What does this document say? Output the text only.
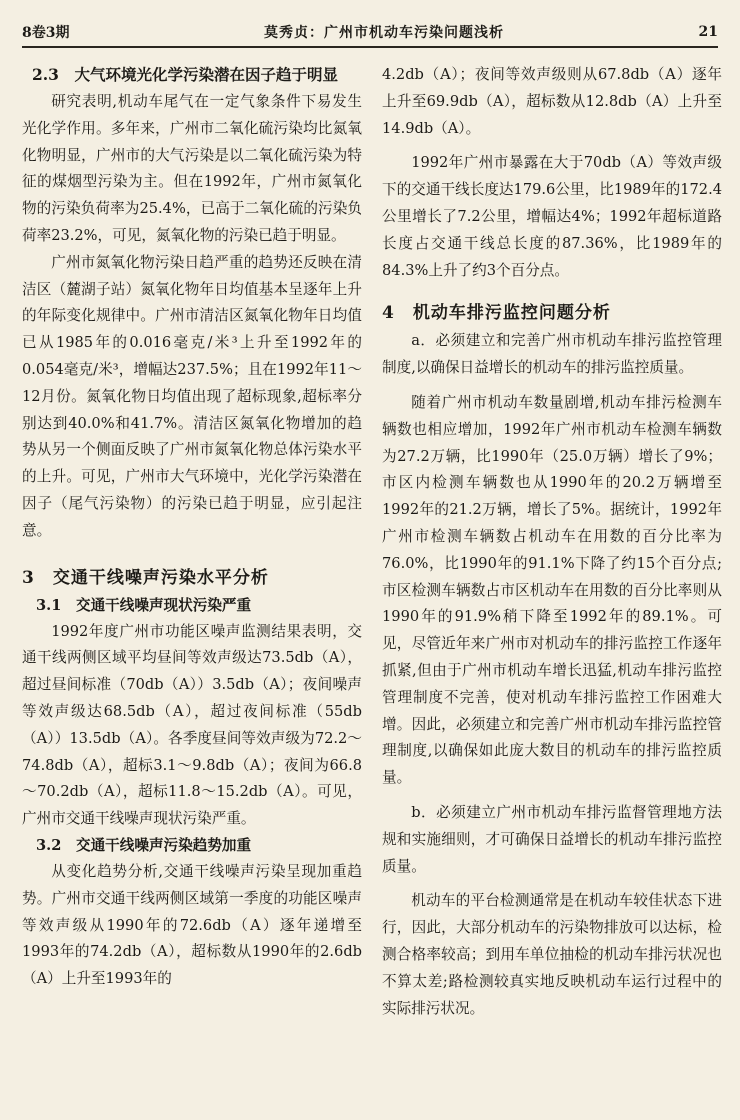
8卷3期	莫秀贞：广州市机动车污染问题浅析	21
2.3　大气环境光化学污染潜在因子趋于明显

研究表明,机动车尾气在一定气象条件下易发生光化学作用。多年来，广州市二氧化硫污染均比氮氧化物明显，广州市的大气污染是以二氧化硫污染为特征的煤烟型污染为主。但在1992年，广州市氮氧化物的污染负荷率为25.4%，已高于二氧化硫的污染负荷率23.2%，可见，氮氧化物的污染已趋于明显。

广州市氮氧化物污染日趋严重的趋势还反映在清洁区（麓湖子站）氮氧化物年日均值基本呈逐年上升的年际变化规律中。广州市清洁区氮氧化物年日均值已从1985年的0.016毫克/米³上升至1992年的0.054毫克/米³，增幅达237.5%；且在1992年11～12月份。氮氧化物日均值出现了超标现象,超标率分别达到40.0%和41.7%。清洁区氮氧化物增加的趋势从另一个侧面反映了广州市氮氧化物总体污染水平的上升。可见，广州市大气环境中，光化学污染潜在因子（尾气污染物）的污染已趋于明显，应引起注意。

3　交通干线噪声污染水平分析
3.1　交通干线噪声现状污染严重

1992年度广州市功能区噪声监测结果表明，交通干线两侧区域平均昼间等效声级达73.5db（A），超过昼间标准（70db（A））3.5db（A）；夜间噪声等效声级达68.5db（A），超过夜间标准（55db（A））13.5db（A）。各季度昼间等效声级为72.2～74.8db（A），超标3.1～9.8db（A）；夜间为66.8～70.2db（A），超标11.8～15.2db（A）。可见，广州市交通干线噪声现状污染严重。

3.2　交通干线噪声污染趋势加重

从变化趋势分析,交通干线噪声污染呈现加重趋势。广州市交通干线两侧区域第一季度的功能区噪声等效声级从1990年的72.6db（A）逐年递增至1993年的74.2db（A），超标数从1990年的2.6db（A）上升至1993年的

4.2db（A）；夜间等效声级则从67.8db（A）逐年上升至69.9db（A），超标数从12.8db（A）上升至14.9db（A）。

1992年广州市暴露在大于70db（A）等效声级下的交通干线长度达179.6公里，比1989年的172.4公里增长了7.2公里，增幅达4%；1992年超标道路长度占交通干线总长度的87.36%，比1989年的84.3%上升了约3个百分点。

4　机动车排污监控问题分析

a．必须建立和完善广州市机动车排污监控管理制度,以确保日益增长的机动车的排污监控质量。

随着广州市机动车数量剧增,机动车排污检测车辆数也相应增加，1992年广州市机动车检测车辆数为27.2万辆，比1990年（25.0万辆）增长了9%；市区内检测车辆数也从1990年的20.2万辆增至1992年的21.2万辆，增长了5%。据统计，1992年广州市检测车辆数占机动车在用数的百分比率为76.0%，比1990年的91.1%下降了约15个百分点;市区检测车辆数占市区机动车在用数的百分比率则从1990年的91.9%稍下降至1992年的89.1%。可见，尽管近年来广州市对机动车的排污监控工作逐年抓紧,但由于广州市机动车增长迅猛,机动车排污监控管理制度不完善，使对机动车排污监控工作困难大增。因此，必须建立和完善广州市机动车排污监控管理制度,以确保如此庞大数目的机动车的排污监控质量。

b．必须建立广州市机动车排污监督管理地方法规和实施细则，才可确保日益增长的机动车排污监控质量。

机动车的平台检测通常是在机动车较佳状态下进行，因此，大部分机动车的污染物排放可以达标，检测合格率较高；到用车单位抽检的机动车排污状况也不算太差;路检测较真实地反映机动车运行过程中的实际排污状况。
